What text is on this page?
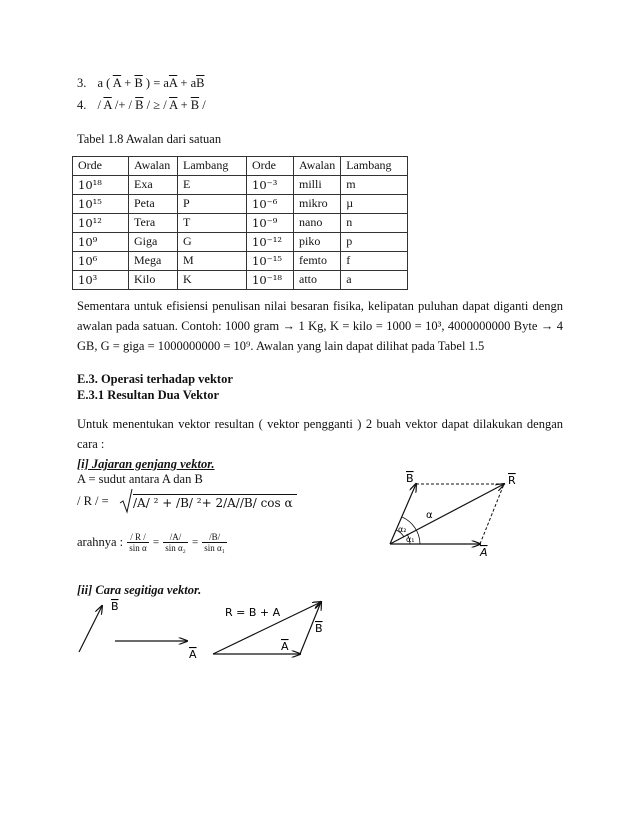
3. a ( $\overline{A} + \overline{B}$ ) = $a\overline{A} + a\overline{B}$
4. / $\overline{A}$ /+ / $\overline{B}$ / ≥ / $\overline{A} + \overline{B}$ /
Tabel 1.8 Awalan dari satuan
Orde	Awalan	Lambang	Orde	Awalan	Lambang
10¹⁸	Exa	E	10⁻³	milli	m
10¹⁵	Peta	P	10⁻⁶	mikro	µ
10¹²	Tera	T	10⁻⁹	nano	n
10⁹	Giga	G	10⁻¹²	piko	p
10⁶	Mega	M	10⁻¹⁵	femto	f
10³	Kilo	K	10⁻¹⁸	atto	a
Sementara untuk efisiensi penulisan nilai besaran fisika, kelipatan puluhan dapat diganti dengn awalan pada satuan. Contoh: 1000 gram → 1 Kg, K = kilo = 1000 = 10³, 4000000000 Byte → 4 GB, G = giga = 1000000000 = 10⁹. Awalan yang lain dapat dilihat pada Tabel 1.5
E.3. Operasi terhadap vektor
E.3.1 Resultan Dua Vektor
Untuk menentukan vektor resultan ( vektor pengganti ) 2 buah vektor dapat dilakukan dengan cara :
[i] Jajaran genjang vektor.
A = sudut antara A dan B
/ R / = /A/ ² + /B/ ²+ 2/A//B/ cos α
arahnya : $\frac{/ R /}{\text{sin α}} = \frac{/A/}{\text{sin α₂}} = \frac{/B/}{\text{sin α₁}}$
B	R
A
α
α₂
α₁
[ii] Cara segitiga vektor.
B
A
R = B + A
A
B
